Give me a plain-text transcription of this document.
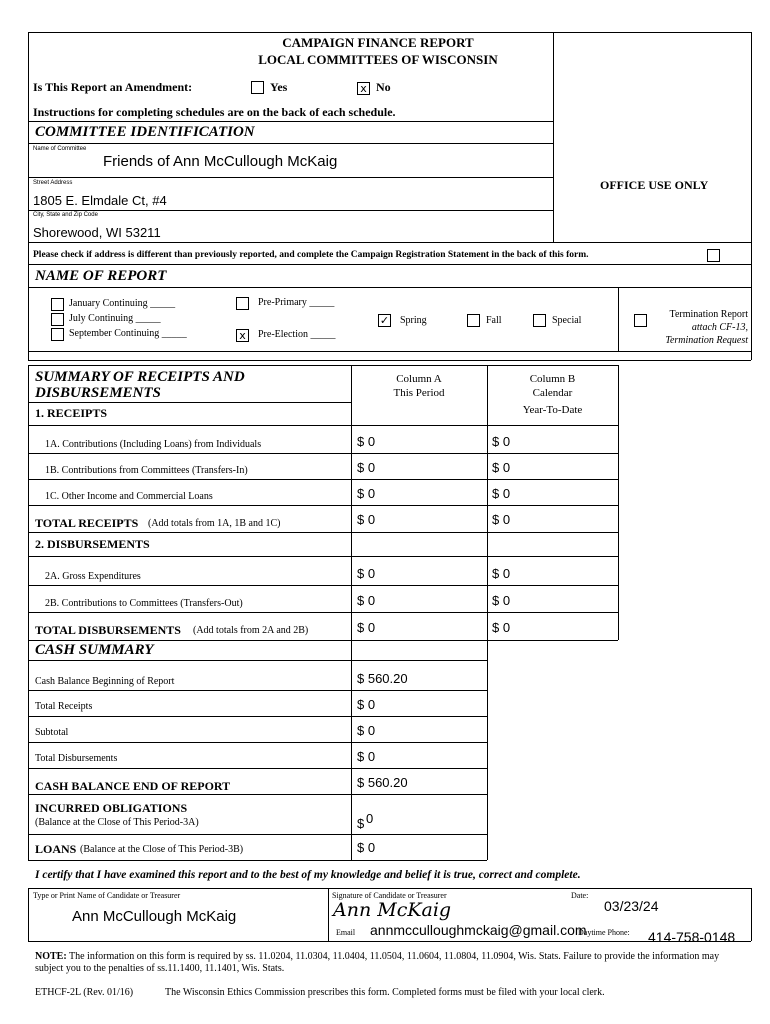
CAMPAIGN FINANCE REPORT
LOCAL COMMITTEES OF WISCONSIN
OFFICE USE ONLY
Is This Report an Amendment:	Yes	x No
Instructions for completing schedules are on the back of each schedule.
COMMITTEE IDENTIFICATION
Name of Committee
Friends of Ann McCullough McKaig
Street Address
1805 E. Elmdale Ct, #4
City, State and Zip Code
Shorewood, WI 53211
Please check if address is different than previously reported, and complete the Campaign Registration Statement in the back of this form.
NAME OF REPORT
January Continuing _____
July Continuing _____
September Continuing _____
Pre-Primary _____
x	Pre-Election _____
✓ Spring	Fall	Special
Termination Report
attach CF-13,
Termination Request
SUMMARY OF RECEIPTS AND
DISBURSEMENTS
Column A
This Period
Column B
Calendar
Year-To-Date
1. RECEIPTS
1A. Contributions (Including Loans) from Individuals	$ 0	$ 0
1B. Contributions from Committees (Transfers-In)	$ 0	$ 0
1C. Other Income and Commercial Loans	$ 0	$ 0
TOTAL RECEIPTS (Add totals from 1A, 1B and 1C)	$ 0	$ 0
2. DISBURSEMENTS
2A. Gross Expenditures	$ 0	$ 0
2B. Contributions to Committees (Transfers-Out)	$ 0	$ 0
TOTAL DISBURSEMENTS (Add totals from 2A and 2B)	$ 0	$ 0
CASH SUMMARY
Cash Balance Beginning of Report	$ 560.20
Total Receipts	$ 0
Subtotal	$ 0
Total Disbursements	$ 0
CASH BALANCE END OF REPORT	$ 560.20
INCURRED OBLIGATIONS
(Balance at the Close of This Period-3A)	$ 0
LOANS (Balance at the Close of This Period-3B)	$ 0
I certify that I have examined this report and to the best of my knowledge and belief it is true, correct and complete.
Type or Print Name of Candidate or Treasurer
Ann McCullough McKaig
Signature of Candidate or Treasurer
Ann McKaig
Date:
03/23/24
Email annmcculloughmckaig@gmail.com
Daytime Phone: 414-758-0148
NOTE: The information on this form is required by ss. 11.0204, 11.0304, 11.0404, 11.0504, 11.0604, 11.0804, 11.0904, Wis. Stats. Failure to provide the information may subject you to the penalties of ss.11.1400, 11.1401, Wis. Stats.
ETHCF-2L (Rev. 01/16)	The Wisconsin Ethics Commission prescribes this form. Completed forms must be filed with your local clerk.
